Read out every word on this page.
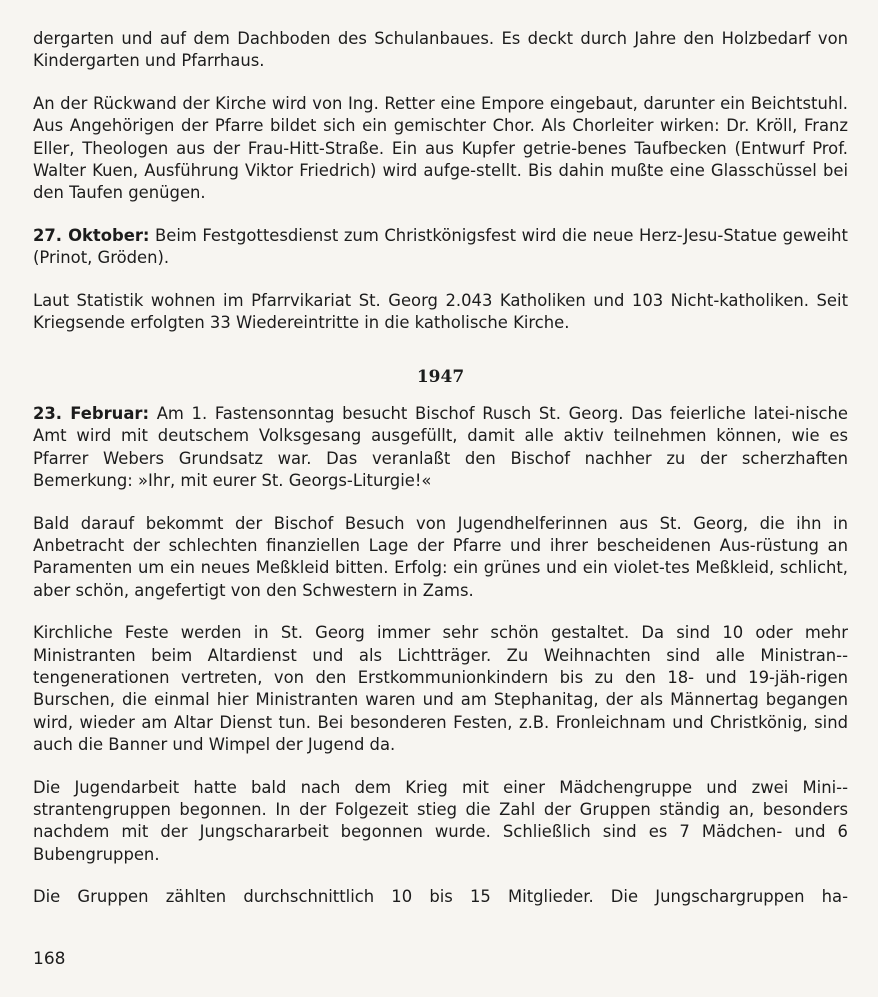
dergarten und auf dem Dachboden des Schulanbaues. Es deckt durch Jahre den Holzbedarf von Kindergarten und Pfarrhaus.

An der Rückwand der Kirche wird von Ing. Retter eine Empore eingebaut, darunter ein Beichtstuhl. Aus Angehörigen der Pfarre bildet sich ein gemischter Chor. Als Chorleiter wirken: Dr. Kröll, Franz Eller, Theologen aus der Frau-Hitt-Straße. Ein aus Kupfer getrie-benes Taufbecken (Entwurf Prof. Walter Kuen, Ausführung Viktor Friedrich) wird aufge-stellt. Bis dahin mußte eine Glasschüssel bei den Taufen genügen.

27. Oktober: Beim Festgottesdienst zum Christkönigsfest wird die neue Herz-Jesu-Statue geweiht (Prinot, Gröden).

Laut Statistik wohnen im Pfarrvikariat St. Georg 2.043 Katholiken und 103 Nicht-katholiken. Seit Kriegsende erfolgten 33 Wiedereintritte in die katholische Kirche.

1947

23. Februar: Am 1. Fastensonntag besucht Bischof Rusch St. Georg. Das feierliche latei-nische Amt wird mit deutschem Volksgesang ausgefüllt, damit alle aktiv teilnehmen können, wie es Pfarrer Webers Grundsatz war. Das veranlaßt den Bischof nachher zu der scherzhaften Bemerkung: »Ihr, mit eurer St. Georgs-Liturgie!«

Bald darauf bekommt der Bischof Besuch von Jugendhelferinnen aus St. Georg, die ihn in Anbetracht der schlechten finanziellen Lage der Pfarre und ihrer bescheidenen Aus-rüstung an Paramenten um ein neues Meßkleid bitten. Erfolg: ein grünes und ein violet-tes Meßkleid, schlicht, aber schön, angefertigt von den Schwestern in Zams.

Kirchliche Feste werden in St. Georg immer sehr schön gestaltet. Da sind 10 oder mehr Ministranten beim Altardienst und als Lichtträger. Zu Weihnachten sind alle Ministran-tengenerationen vertreten, von den Erstkommunionkindern bis zu den 18- und 19-jäh-rigen Burschen, die einmal hier Ministranten waren und am Stephanitag, der als Männertag begangen wird, wieder am Altar Dienst tun. Bei besonderen Festen, z.B. Fronleichnam und Christkönig, sind auch die Banner und Wimpel der Jugend da.

Die Jugendarbeit hatte bald nach dem Krieg mit einer Mädchengruppe und zwei Mini-strantengruppen begonnen. In der Folgezeit stieg die Zahl der Gruppen ständig an, besonders nachdem mit der Jungschararbeit begonnen wurde. Schließlich sind es 7 Mädchen- und 6 Bubengruppen.

Die Gruppen zählten durchschnittlich 10 bis 15 Mitglieder. Die Jungschargruppen ha-

168
